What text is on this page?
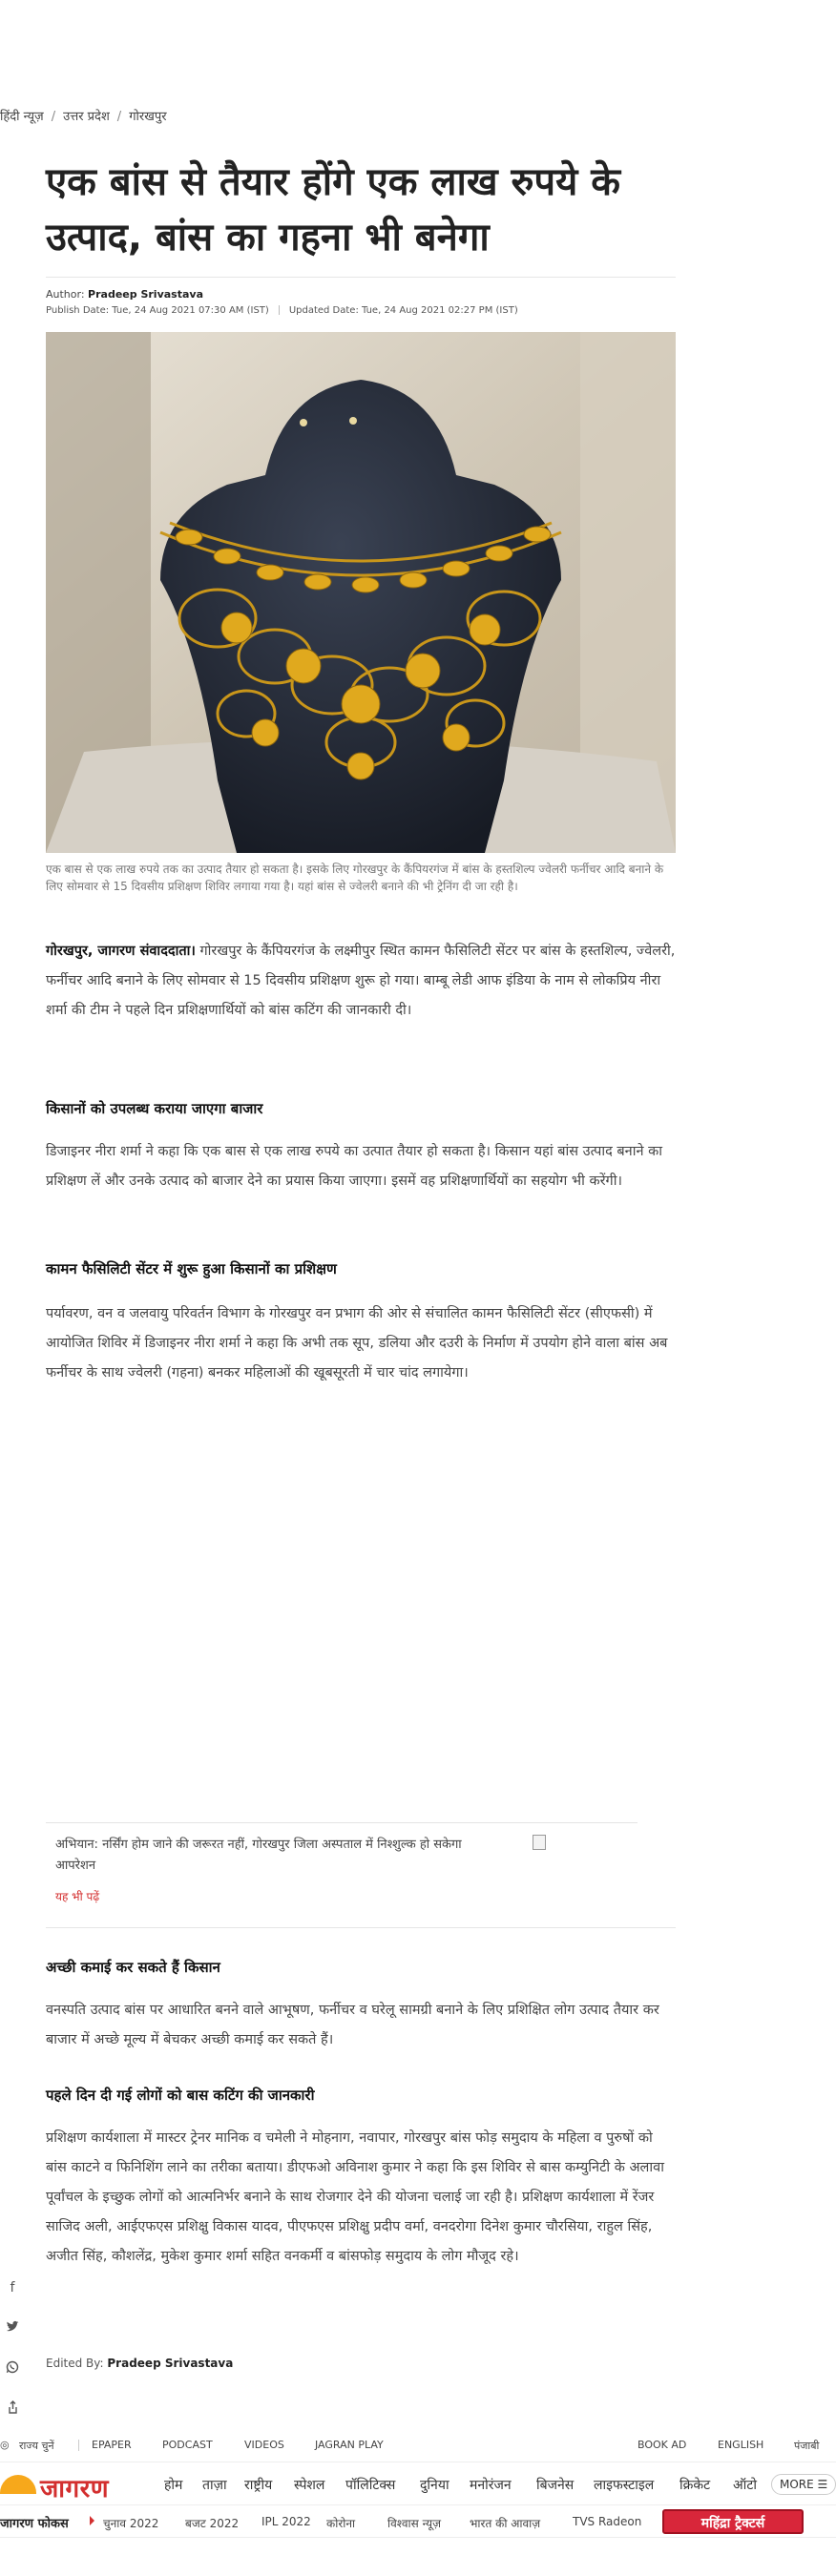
हिंदी न्यूज़ / उत्तर प्रदेश / गोरखपुर
एक बांस से तैयार होंगे एक लाख रुपये के उत्पाद, बांस का गहना भी बनेगा
Author: Pradeep Srivastava
Publish Date: Tue, 24 Aug 2021 07:30 AM (IST) Updated Date: Tue, 24 Aug 2021 02:27 PM (IST)
एक बास से एक लाख रुपये तक का उत्पाद तैयार हो सकता है। इसके लिए गोरखपुर के कैंपियरगंज में बांस के हस्तशिल्प ज्वेलरी फर्नीचर आदि बनाने के लिए सोमवार से 15 दिवसीय प्रशिक्षण शिविर लगाया गया है। यहां बांस से ज्वेलरी बनाने की भी ट्रेनिंग दी जा रही है।

गोरखपुर, जागरण संवाददाता। गोरखपुर के कैंपियरगंज के लक्ष्मीपुर स्थित कामन फैसिलिटी सेंटर पर बांस के हस्तशिल्प, ज्वेलरी, फर्नीचर आदि बनाने के लिए सोमवार से 15 दिवसीय प्रशिक्षण शुरू हो गया। बाम्बू लेडी आफ इंडिया के नाम से लोकप्रिय नीरा शर्मा की टीम ने पहले दिन प्रशिक्षणार्थियों को बांस कटिंग की जानकारी दी।

किसानों को उपलब्ध कराया जाएगा बाजार

डिजाइनर नीरा शर्मा ने कहा कि एक बास से एक लाख रुपये का उत्पात तैयार हो सकता है। किसान यहां बांस उत्पाद बनाने का प्रशिक्षण लें और उनके उत्पाद को बाजार देने का प्रयास किया जाएगा। इसमें वह प्रशिक्षणार्थियों का सहयोग भी करेंगी।

कामन फैसिलिटी सेंटर में शुरू हुआ किसानों का प्रशिक्षण

पर्यावरण, वन व जलवायु परिवर्तन विभाग के गोरखपुर वन प्रभाग की ओर से संचालित कामन फैसिलिटी सेंटर (सीएफसी) में आयोजित शिविर में डिजाइनर नीरा शर्मा ने कहा कि अभी तक सूप, डलिया और दउरी के निर्माण में उपयोग होने वाला बांस अब फर्नीचर के साथ ज्वेलरी (गहना) बनकर महिलाओं की खूबसूरती में चार चांद लगायेगा।

अभियान: नर्सिंग होम जाने की जरूरत नहीं, गोरखपुर जिला अस्पताल में निश्शुल्क हो सकेगा आपरेशन
यह भी पढ़ें
अच्छी कमाई कर सकते हैं किसान

वनस्पति उत्पाद बांस पर आधारित बनने वाले आभूषण, फर्नीचर व घरेलू सामग्री बनाने के लिए प्रशिक्षित लोग उत्पाद तैयार कर बाजार में अच्छे मूल्य में बेचकर अच्छी कमाई कर सकते हैं।

पहले दिन दी गई लोगों को बास कटिंग की जानकारी

प्रशिक्षण कार्यशाला में मास्टर ट्रेनर मानिक व चमेली ने मोहनाग, नवापार, गोरखपुर बांस फोड़ समुदाय के महिला व पुरुषों को बांस काटने व फिनिशिंग लाने का तरीका बताया। डीएफओ अविनाश कुमार ने कहा कि इस शिविर से बास कम्युनिटी के अलावा पूर्वांचल के इच्छुक लोगों को आत्मनिर्भर बनाने के साथ रोजगार देने की योजना चलाई जा रही है। प्रशिक्षण कार्यशाला में रेंजर साजिद अली, आईएफएस प्रशिक्षु विकास यादव, पीएफएस प्रशिक्षु प्रदीप वर्मा, वनदरोगा दिनेश कुमार चौरसिया, राहुल सिंह, अजीत सिंह, कौशलेंद्र, मुकेश कुमार शर्मा सहित वनकर्मी व बांसफोड़ समुदाय के लोग मौजूद रहे।

Edited By: Pradeep Srivastava
f
◎ राज्य चुनें	EPAPER	PODCAST	VIDEOS	JAGRAN PLAY	BOOK AD	ENGLISH	पंजाबी
जागरण	होम ताज़ा राष्ट्रीय स्पेशल पॉलिटिक्स दुनिया मनोरंजन बिजनेस लाइफस्टाइल क्रिकेट ऑटो	MORE ☰
जागरण फोकस	चुनाव 2022 बजट 2022 IPL 2022 कोरोना	विश्वास न्यूज़	भारत की आवाज़	TVS Radeon	महिंद्रा ट्रैक्टर्स
